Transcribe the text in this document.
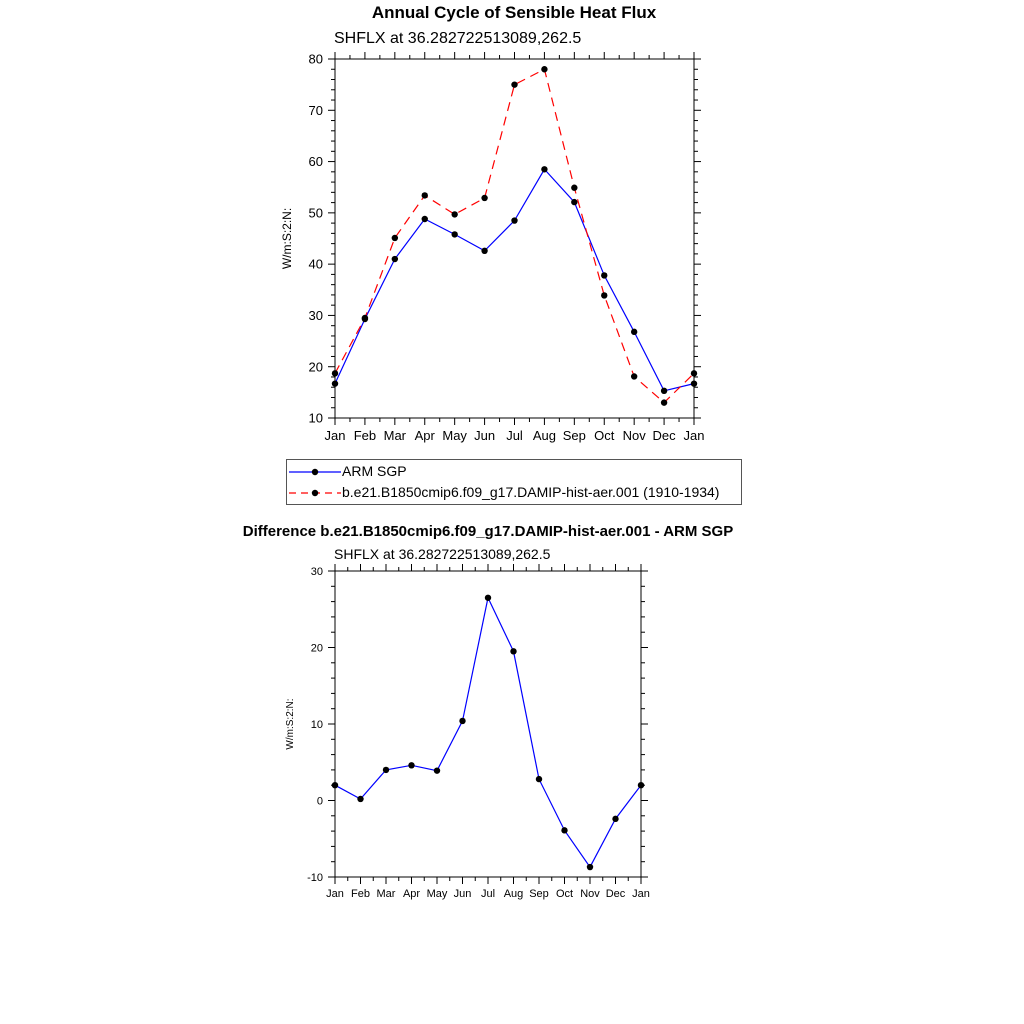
Annual Cycle of Sensible Heat Flux
SHFLX at 36.282722513089,262.5
Difference b.e21.B1850cmip6.f09_g17.DAMIP-hist-aer.001 - ARM SGP
SHFLX at 36.282722513089,262.5
Jan Feb Mar Apr May Jun Jul Aug Sep Oct Nov Dec Jan
10
20
30
40
50
60
70
80
W/m:S:2:N:
Jan Feb Mar Apr May Jun Jul Aug Sep Oct Nov Dec Jan
-10
0
10
20
30
W/m:S:2:N:
ARM SGP
b.e21.B1850cmip6.f09_g17.DAMIP-hist-aer.001 (1910-1934)
